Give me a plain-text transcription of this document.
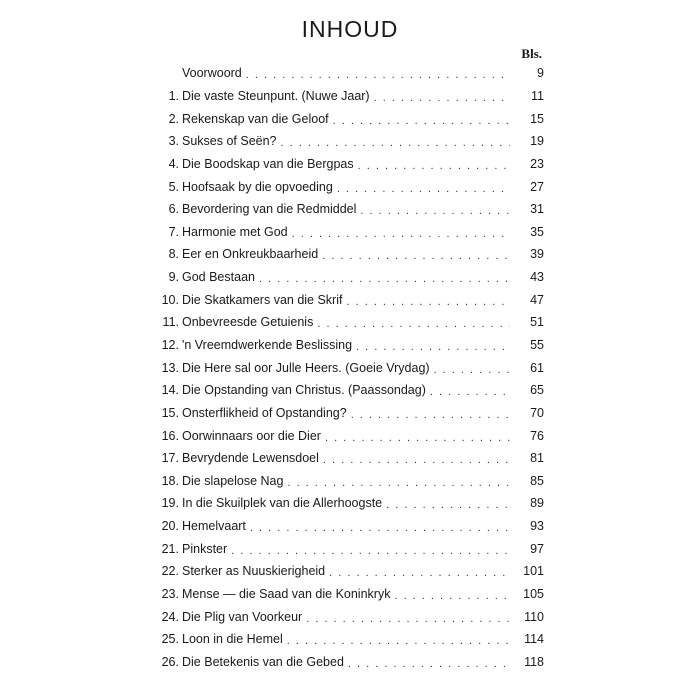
INHOUD
Bls.
Voorwoord . . .	9
1. Die vaste Steunpunt. (Nuwe Jaar) . . .	11
2. Rekenskap van die Geloof . . .	15
3. Sukses of Seën? . . .	19
4. Die Boodskap van die Bergpas . . .	23
5. Hoofsaak by die opvoeding . . .	27
6. Bevordering van die Redmiddel . . .	31
7. Harmonie met God . . .	35
8. Eer en Onkreukbaarheid . . .	39
9. God Bestaan . . .	43
10. Die Skatkamers van die Skrif . . .	47
11. Onbevreesde Getuienis . . .	51
12. 'n Vreemdwerkende Beslissing . . .	55
13. Die Here sal oor Julle Heers. (Goeie Vrydag) . . .	61
14. Die Opstanding van Christus. (Paassondag) . . .	65
15. Onsterflikheid of Opstanding? . . .	70
16. Oorwinnaars oor die Dier . . .	76
17. Bevrydende Lewensdoel . . .	81
18. Die slapelose Nag . . .	85
19. In die Skuilplek van die Allerhoogste . . .	89
20. Hemelvaart . . .	93
21. Pinkster . . .	97
22. Sterker as Nuuskierigheid . . .	101
23. Mense — die Saad van die Koninkryk . . .	105
24. Die Plig van Voorkeur . . .	110
25. Loon in die Hemel . . .	114
26. Die Betekenis van die Gebed . . .	118
